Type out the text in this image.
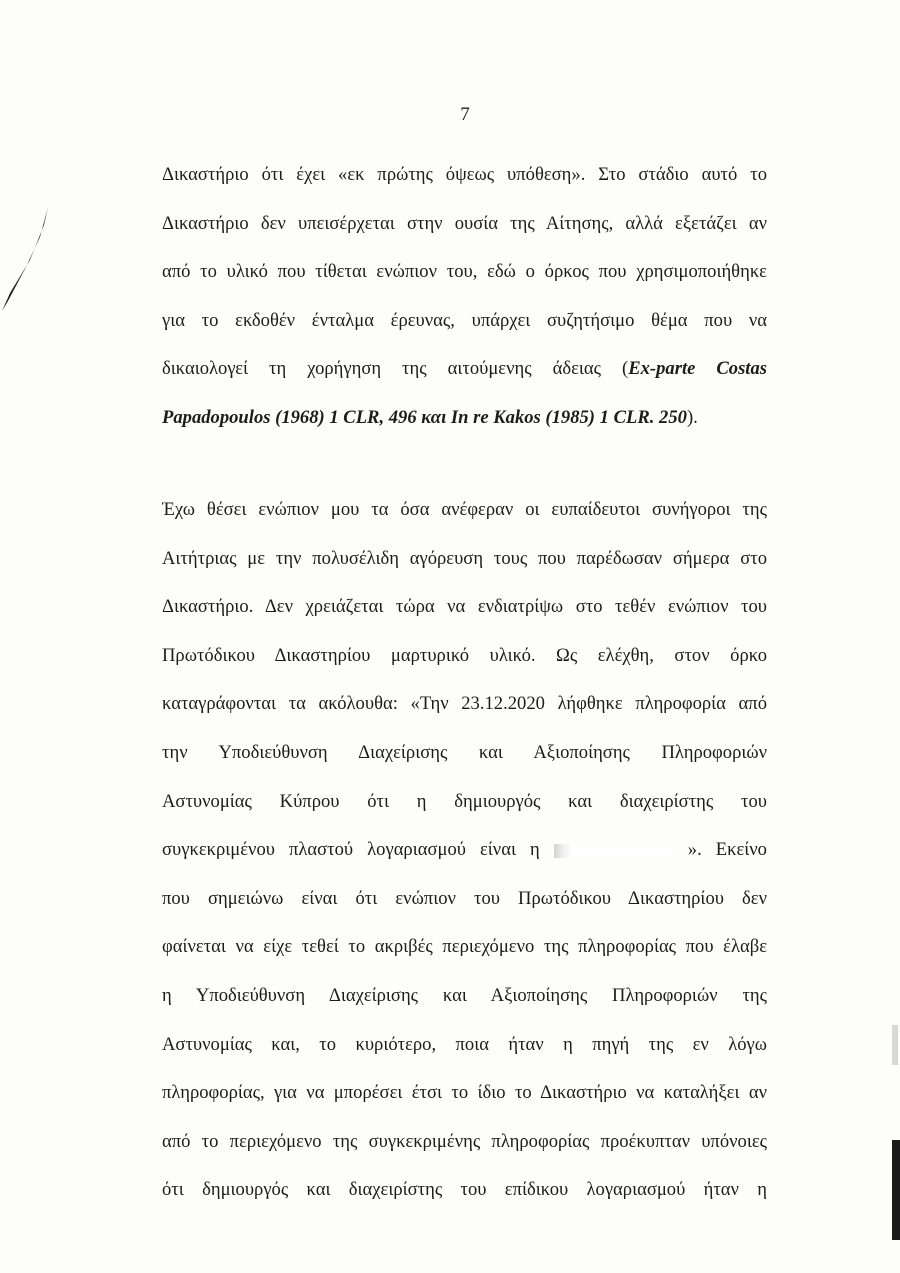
7
Δικαστήριο ότι έχει «εκ πρώτης όψεως υπόθεση». Στο στάδιο αυτό το
Δικαστήριο δεν υπεισέρχεται στην ουσία της Αίτησης, αλλά εξετάζει αν
από το υλικό που τίθεται ενώπιον του, εδώ ο όρκος που χρησιμοποιήθηκε
για το εκδοθέν ένταλμα έρευνας, υπάρχει συζητήσιμο θέμα που να
δικαιολογεί τη χορήγηση της αιτούμενης άδειας (Ex-parte Costas
Papadopoulos (1968) 1 CLR, 496 και In re Kakos (1985) 1 CLR. 250).
Έχω θέσει ενώπιον μου τα όσα ανέφεραν οι ευπαίδευτοι συνήγοροι της
Αιτήτριας με την πολυσέλιδη αγόρευση τους που παρέδωσαν σήμερα στο
Δικαστήριο. Δεν χρειάζεται τώρα να ενδιατρίψω στο τεθέν ενώπιον του
Πρωτόδικου Δικαστηρίου μαρτυρικό υλικό. Ως ελέχθη, στον όρκο
καταγράφονται τα ακόλουθα: «Την 23.12.2020 λήφθηκε πληροφορία από
την Υποδιεύθυνση Διαχείρισης και Αξιοποίησης Πληροφοριών
Αστυνομίας Κύπρου ότι η δημιουργός και διαχειρίστης του
συγκεκριμένου πλαστού λογαριασμού είναι η	». Εκείνο
που σημειώνω είναι ότι ενώπιον του Πρωτόδικου Δικαστηρίου δεν
φαίνεται να είχε τεθεί το ακριβές περιεχόμενο της πληροφορίας που έλαβε
η Υποδιεύθυνση Διαχείρισης και Αξιοποίησης Πληροφοριών της
Αστυνομίας και, το κυριότερο, ποια ήταν η πηγή της εν λόγω
πληροφορίας, για να μπορέσει έτσι το ίδιο το Δικαστήριο να καταλήξει αν
από το περιεχόμενο της συγκεκριμένης πληροφορίας προέκυπταν υπόνοιες
ότι δημιουργός και διαχειρίστης του επίδικου λογαριασμού ήταν η
